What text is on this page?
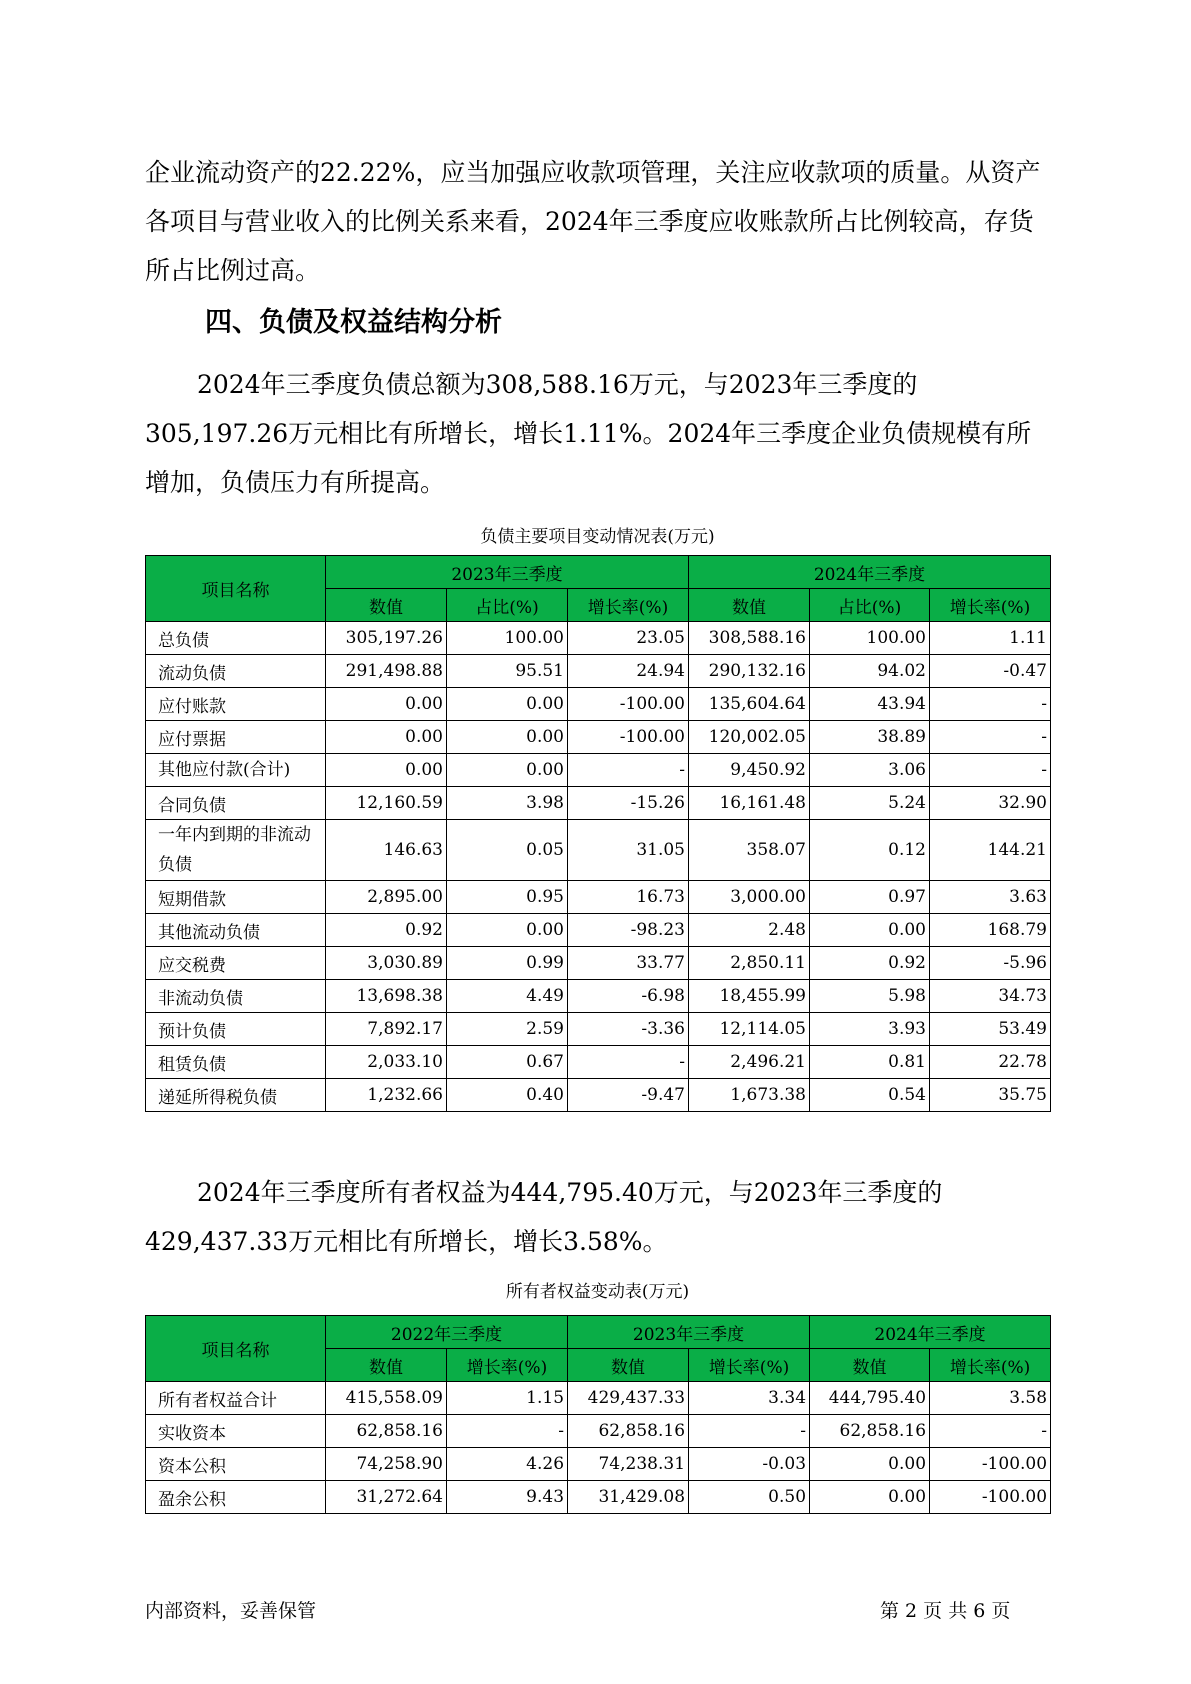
企业流动资产的22.22%，应当加强应收款项管理，关注应收款项的质量。从资产各项目与营业收入的比例关系来看，2024年三季度应收账款所占比例较高，存货所占比例过高。

四、负债及权益结构分析

2024年三季度负债总额为308,588.16万元，与2023年三季度的305,197.26万元相比有所增长，增长1.11%。2024年三季度企业负债规模有所增加，负债压力有所提高。

负债主要项目变动情况表(万元)
项目名称	2023年三季度			2024年三季度		
	数值	占比(%)	增长率(%)	数值	占比(%)	增长率(%)
总负债	305,197.26	100.00	23.05	308,588.16	100.00	1.11
流动负债	291,498.88	95.51	24.94	290,132.16	94.02	-0.47
应付账款	0.00	0.00	-100.00	135,604.64	43.94	-
应付票据	0.00	0.00	-100.00	120,002.05	38.89	-
其他应付款(合计)	0.00	0.00	-	9,450.92	3.06	-
合同负债	12,160.59	3.98	-15.26	16,161.48	5.24	32.90
一年内到期的非流动负债	146.63	0.05	31.05	358.07	0.12	144.21
短期借款	2,895.00	0.95	16.73	3,000.00	0.97	3.63
其他流动负债	0.92	0.00	-98.23	2.48	0.00	168.79
应交税费	3,030.89	0.99	33.77	2,850.11	0.92	-5.96
非流动负债	13,698.38	4.49	-6.98	18,455.99	5.98	34.73
预计负债	7,892.17	2.59	-3.36	12,114.05	3.93	53.49
租赁负债	2,033.10	0.67	-	2,496.21	0.81	22.78
递延所得税负债	1,232.66	0.40	-9.47	1,673.38	0.54	35.75

2024年三季度所有者权益为444,795.40万元，与2023年三季度的429,437.33万元相比有所增长，增长3.58%。

所有者权益变动表(万元)
项目名称	2022年三季度		2023年三季度		2024年三季度	
	数值	增长率(%)	数值	增长率(%)	数值	增长率(%)
所有者权益合计	415,558.09	1.15	429,437.33	3.34	444,795.40	3.58
实收资本	62,858.16	-	62,858.16	-	62,858.16	-
资本公积	74,258.90	4.26	74,238.31	-0.03	0.00	-100.00
盈余公积	31,272.64	9.43	31,429.08	0.50	0.00	-100.00
内部资料，妥善保管	第 2 页 共 6 页
